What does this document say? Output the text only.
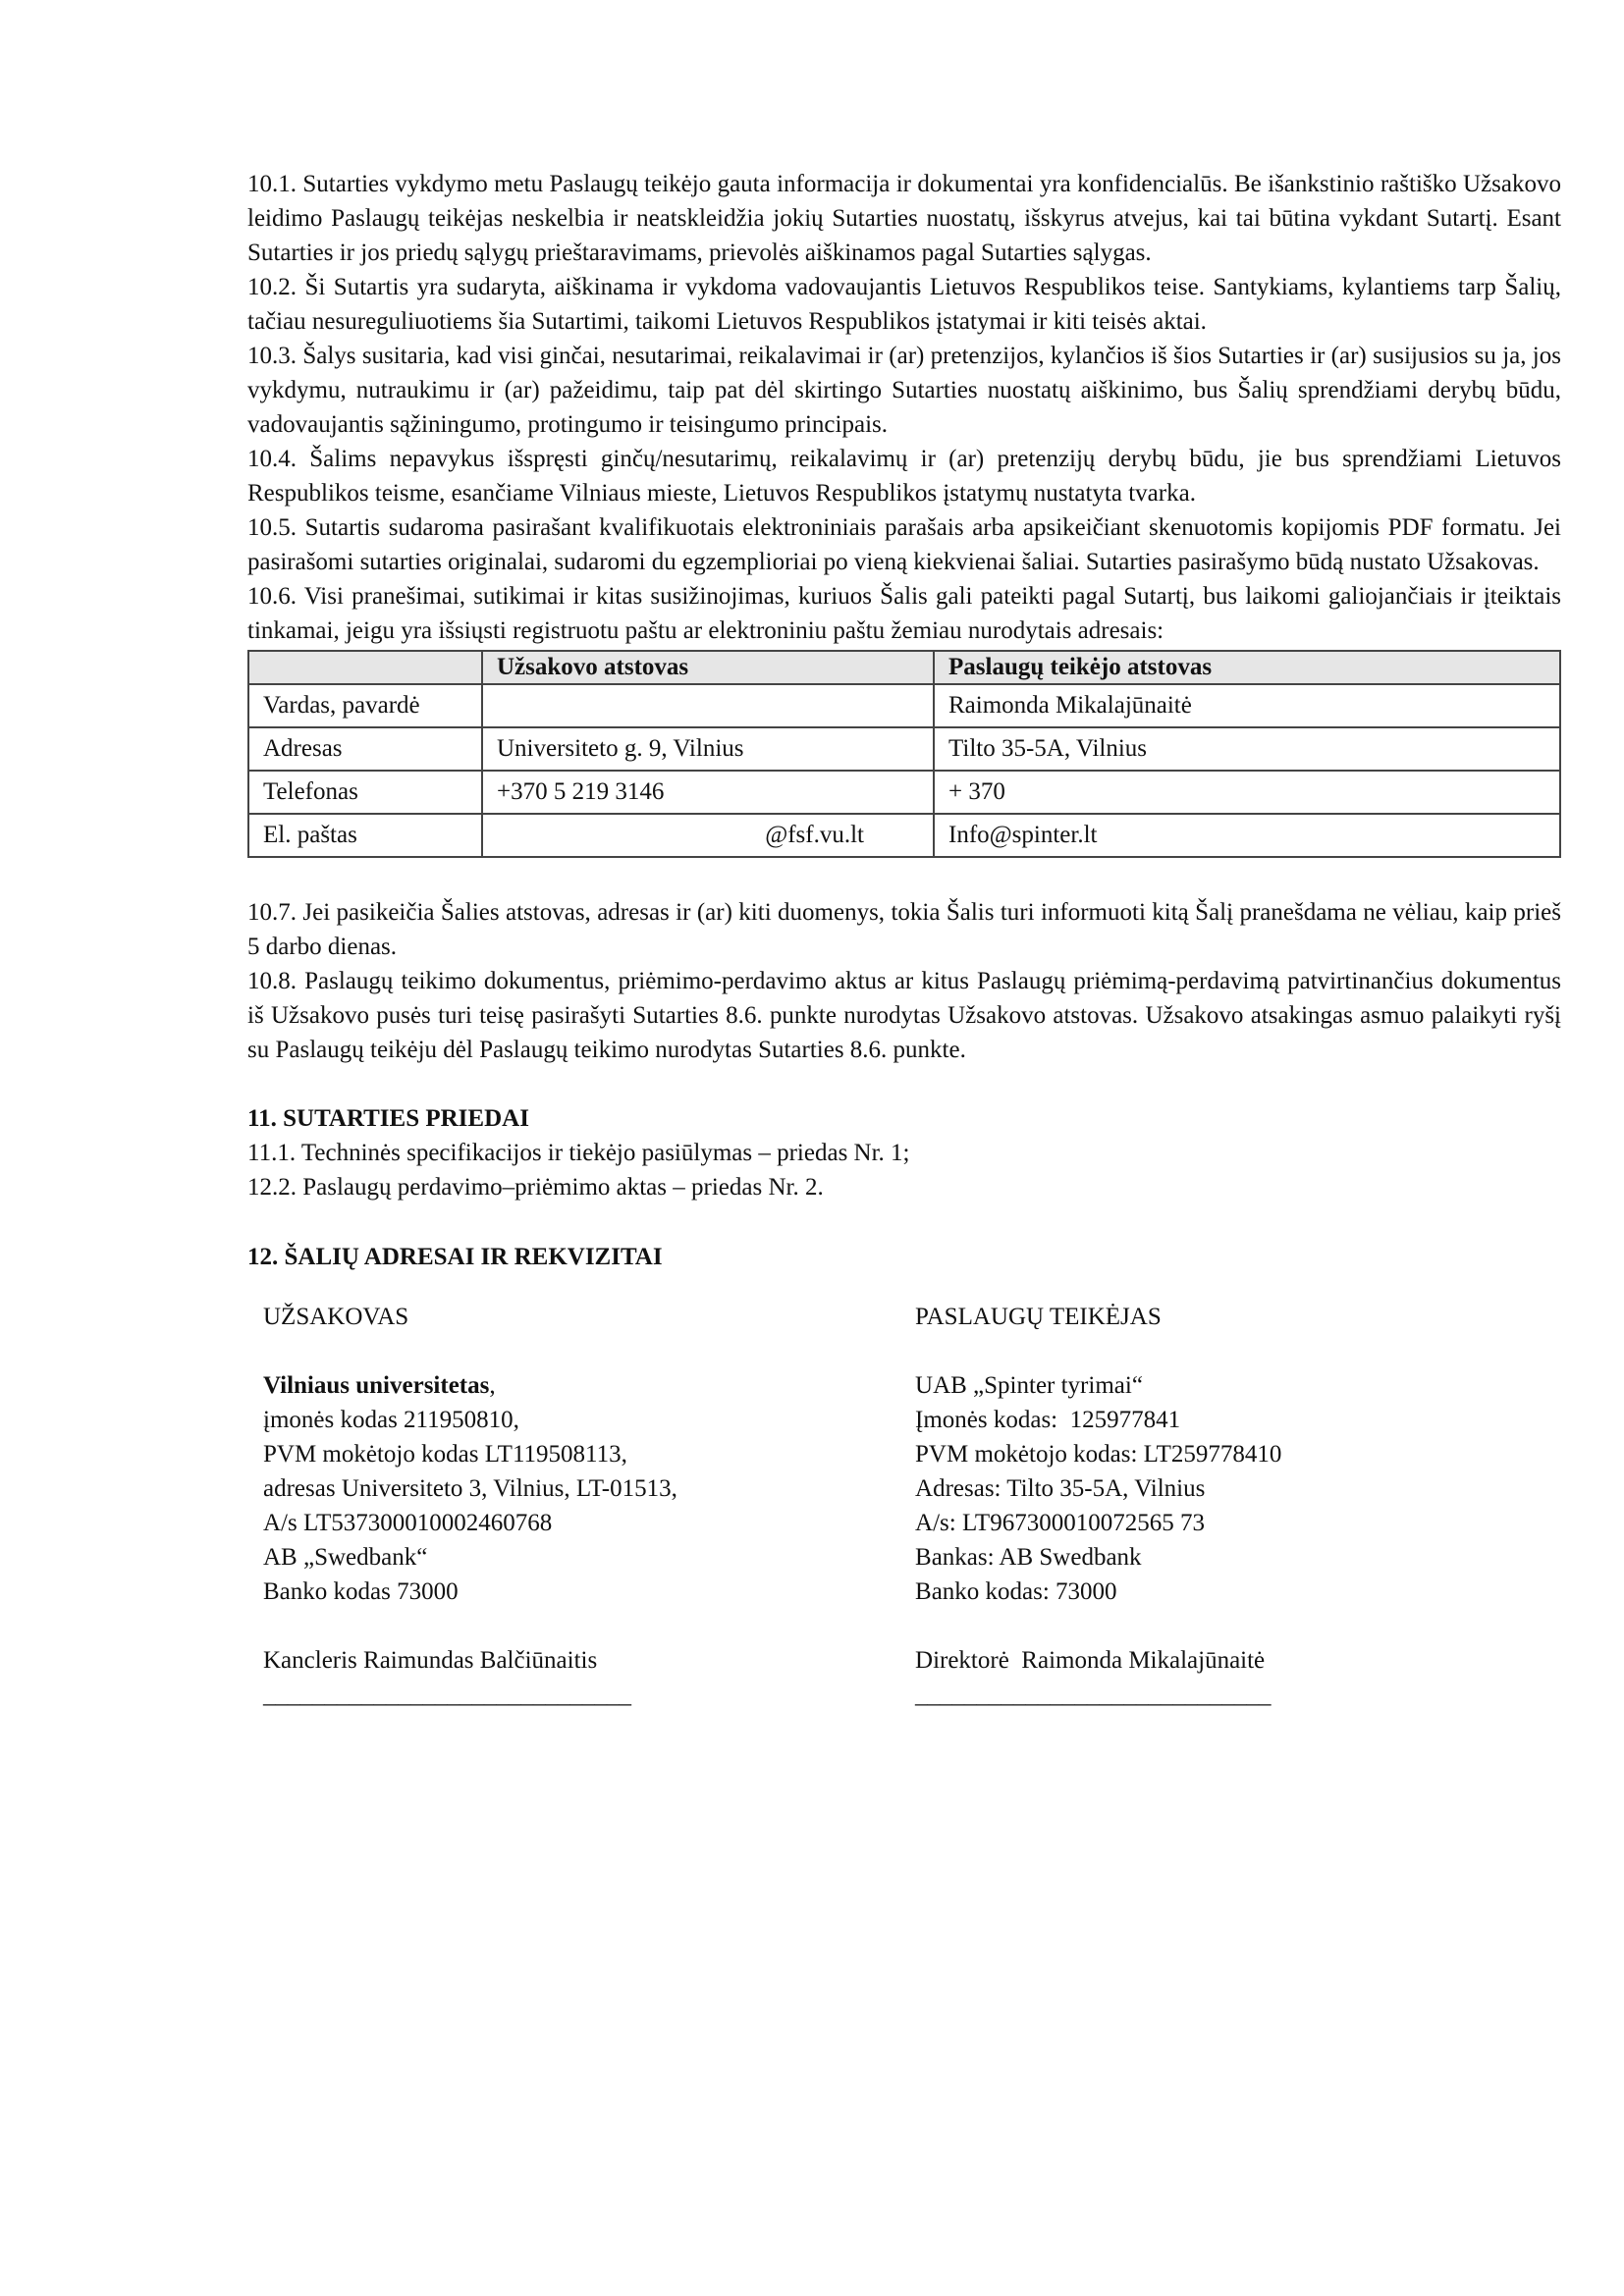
10.1. Sutarties vykdymo metu Paslaugų teikėjo gauta informacija ir dokumentai yra konfidencialūs. Be išankstinio raštiško Užsakovo leidimo Paslaugų teikėjas neskelbia ir neatskleidžia jokių Sutarties nuostatų, išskyrus atvejus, kai tai būtina vykdant Sutartį. Esant Sutarties ir jos priedų sąlygų prieštaravimams, prievolės aiškinamos pagal Sutarties sąlygas.

10.2. Ši Sutartis yra sudaryta, aiškinama ir vykdoma vadovaujantis Lietuvos Respublikos teise. Santykiams, kylantiems tarp Šalių, tačiau nesureguliuotiems šia Sutartimi, taikomi Lietuvos Respublikos įstatymai ir kiti teisės aktai.

10.3. Šalys susitaria, kad visi ginčai, nesutarimai, reikalavimai ir (ar) pretenzijos, kylančios iš šios Sutarties ir (ar) susijusios su ja, jos vykdymu, nutraukimu ir (ar) pažeidimu, taip pat dėl skirtingo Sutarties nuostatų aiškinimo, bus Šalių sprendžiami derybų būdu, vadovaujantis sąžiningumo, protingumo ir teisingumo principais.

10.4. Šalims nepavykus išspręsti ginčų/nesutarimų, reikalavimų ir (ar) pretenzijų derybų būdu, jie bus sprendžiami Lietuvos Respublikos teisme, esančiame Vilniaus mieste, Lietuvos Respublikos įstatymų nustatyta tvarka.

10.5. Sutartis sudaroma pasirašant kvalifikuotais elektroniniais parašais arba apsikeičiant skenuotomis kopijomis PDF formatu. Jei pasirašomi sutarties originalai, sudaromi du egzemplioriai po vieną kiekvienai šaliai. Sutarties pasirašymo būdą nustato Užsakovas.

10.6. Visi pranešimai, sutikimai ir kitas susižinojimas, kuriuos Šalis gali pateikti pagal Sutartį, bus laikomi galiojančiais ir įteiktais tinkamai, jeigu yra išsiųsti registruotu paštu ar elektroniniu paštu žemiau nurodytais adresais:

	Užsakovo atstovas	Paslaugų teikėjo atstovas
Vardas, pavardė		Raimonda Mikalajūnaitė
Adresas	Universiteto g. 9, Vilnius	Tilto 35-5A, Vilnius
Telefonas	+370 5 219 3146	+ 370
El. paštas	@fsf.vu.lt	Info@spinter.lt

10.7. Jei pasikeičia Šalies atstovas, adresas ir (ar) kiti duomenys, tokia Šalis turi informuoti kitą Šalį pranešdama ne vėliau, kaip prieš 5 darbo dienas.

10.8. Paslaugų teikimo dokumentus, priėmimo-perdavimo aktus ar kitus Paslaugų priėmimą-perdavimą patvirtinančius dokumentus iš Užsakovo pusės turi teisę pasirašyti Sutarties 8.6. punkte nurodytas Užsakovo atstovas. Užsakovo atsakingas asmuo palaikyti ryšį su Paslaugų teikėju dėl Paslaugų teikimo nurodytas Sutarties 8.6. punkte.

11. SUTARTIES PRIEDAI

11.1. Techninės specifikacijos ir tiekėjo pasiūlymas – priedas Nr. 1;

12.2. Paslaugų perdavimo–priėmimo aktas – priedas Nr. 2.

12. ŠALIŲ ADRESAI IR REKVIZITAI

UŽSAKOVAS

Vilniaus universitetas,

įmonės kodas 211950810,

PVM mokėtojo kodas LT119508113,

adresas Universiteto 3, Vilnius, LT-01513,

A/s LT537300010002460768

AB „Swedbank“

Banko kodas 73000

Kancleris Raimundas Balčiūnaitis

______________________________

PASLAUGŲ TEIKĖJAS

UAB „Spinter tyrimai“

Įmonės kodas:  125977841

PVM mokėtojo kodas: LT259778410

Adresas: Tilto 35-5A, Vilnius

A/s: LT967300010072565 73

Bankas: AB Swedbank

Banko kodas: 73000

Direktorė  Raimonda Mikalajūnaitė

_____________________________
